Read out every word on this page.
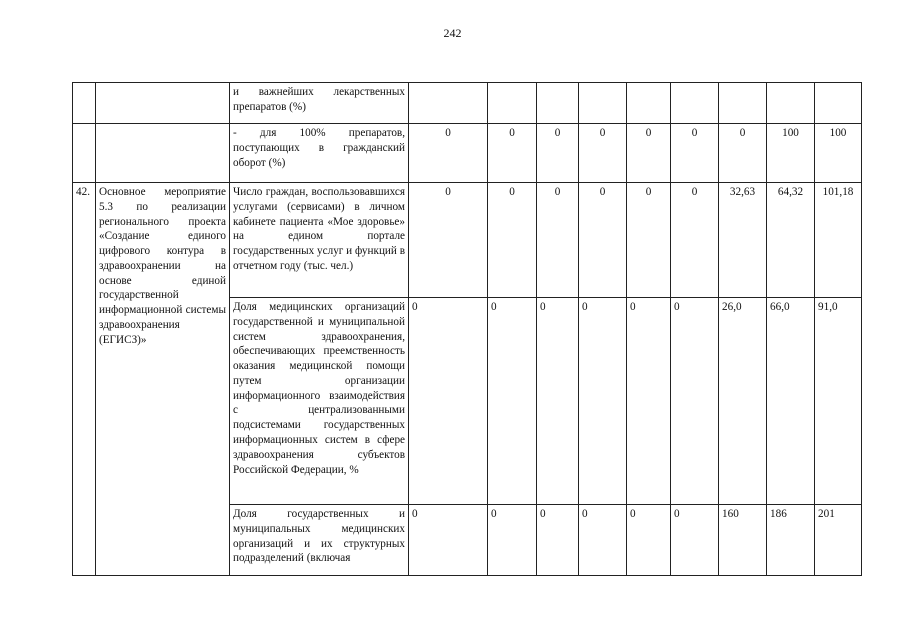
242
		и важнейших лекарственных препаратов (%)									
		- для 100% препаратов, поступающих в гражданский оборот (%)	0	0	0	0	0	0	0	100	100
42.	Основное мероприятие 5.3 по реализации регионального проекта «Создание единого цифрового контура в здравоохранении на основе единой государственной информационной системы здравоохранения (ЕГИСЗ)»	Число граждан, воспользовавшихся услугами (сервисами) в личном кабинете пациента «Мое здоровье» на едином портале государственных услуг и функций в отчетном году (тыс. чел.)	0	0	0	0	0	0	32,63	64,32	101,18
		Доля медицинских организаций государственной и муниципальной систем здравоохранения, обеспечивающих преемственность оказания медицинской помощи путем организации информационного взаимодействия с централизованными подсистемами государственных информационных систем в сфере здравоохранения субъектов Российской Федерации, %	0	0	0	0	0	0	26,0	66,0	91,0
		Доля государственных и муниципальных медицинских организаций и их структурных подразделений (включая	0	0	0	0	0	0	160	186	201
